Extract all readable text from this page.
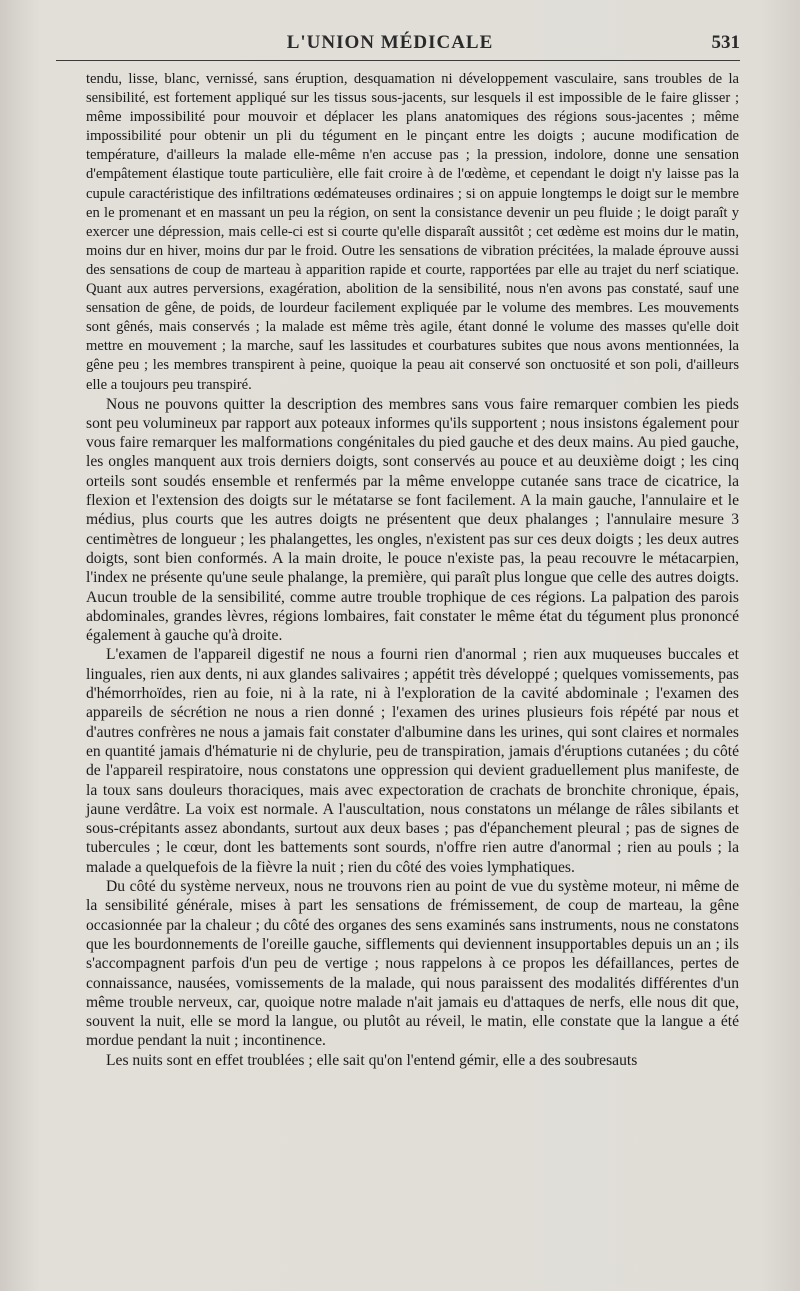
L'UNION MÉDICALE	531

tendu, lisse, blanc, vernissé, sans éruption, desquamation ni développement vasculaire, sans troubles de la sensibilité, est fortement appliqué sur les tissus sous-jacents, sur lesquels il est impossible de le faire glisser ; même impossibilité pour mouvoir et déplacer les plans anatomiques des régions sous-jacentes ; même impossibilité pour obtenir un pli du tégument en le pinçant entre les doigts ; aucune modification de température, d'ailleurs la malade elle-même n'en accuse pas ; la pression, indolore, donne une sensation d'empâtement élastique toute particulière, elle fait croire à de l'œdème, et cependant le doigt n'y laisse pas la cupule caractéristique des infiltrations œdémateuses ordinaires ; si on appuie longtemps le doigt sur le membre en le promenant et en massant un peu la région, on sent la consistance devenir un peu fluide ; le doigt paraît y exercer une dépression, mais celle-ci est si courte qu'elle disparaît aussitôt ; cet œdème est moins dur le matin, moins dur en hiver, moins dur par le froid. Outre les sensations de vibration précitées, la malade éprouve aussi des sensations de coup de marteau à apparition rapide et courte, rapportées par elle au trajet du nerf sciatique. Quant aux autres perversions, exagération, abolition de la sensibilité, nous n'en avons pas constaté, sauf une sensation de gêne, de poids, de lourdeur facilement expliquée par le volume des membres. Les mouvements sont gênés, mais conservés ; la malade est même très agile, étant donné le volume des masses qu'elle doit mettre en mouvement ; la marche, sauf les lassitudes et courbatures subites que nous avons mentionnées, la gêne peu ; les membres transpirent à peine, quoique la peau ait conservé son onctuosité et son poli, d'ailleurs elle a toujours peu transpiré.

Nous ne pouvons quitter la description des membres sans vous faire remarquer combien les pieds sont peu volumineux par rapport aux poteaux informes qu'ils supportent ; nous insistons également pour vous faire remarquer les malformations congénitales du pied gauche et des deux mains. Au pied gauche, les ongles manquent aux trois derniers doigts, sont conservés au pouce et au deuxième doigt ; les cinq orteils sont soudés ensemble et renfermés par la même enveloppe cutanée sans trace de cicatrice, la flexion et l'extension des doigts sur le métatarse se font facilement. A la main gauche, l'annulaire et le médius, plus courts que les autres doigts ne présentent que deux phalanges ; l'annulaire mesure 3 centimètres de longueur ; les phalangettes, les ongles, n'existent pas sur ces deux doigts ; les deux autres doigts, sont bien conformés. A la main droite, le pouce n'existe pas, la peau recouvre le métacarpien, l'index ne présente qu'une seule phalange, la première, qui paraît plus longue que celle des autres doigts. Aucun trouble de la sensibilité, comme autre trouble trophique de ces régions. La palpation des parois abdominales, grandes lèvres, régions lombaires, fait constater le même état du tégument plus prononcé également à gauche qu'à droite.

L'examen de l'appareil digestif ne nous a fourni rien d'anormal ; rien aux muqueuses buccales et linguales, rien aux dents, ni aux glandes salivaires ; appétit très développé ; quelques vomissements, pas d'hémorrhoïdes, rien au foie, ni à la rate, ni à l'exploration de la cavité abdominale ; l'examen des appareils de sécrétion ne nous a rien donné ; l'examen des urines plusieurs fois répété par nous et d'autres confrères ne nous a jamais fait constater d'albumine dans les urines, qui sont claires et normales en quantité jamais d'hématurie ni de chylurie, peu de transpiration, jamais d'éruptions cutanées ; du côté de l'appareil respiratoire, nous constatons une oppression qui devient graduellement plus manifeste, de la toux sans douleurs thoraciques, mais avec expectoration de crachats de bronchite chronique, épais, jaune verdâtre. La voix est normale. A l'auscultation, nous constatons un mélange de râles sibilants et sous-crépitants assez abondants, surtout aux deux bases ; pas d'épanchement pleural ; pas de signes de tubercules ; le cœur, dont les battements sont sourds, n'offre rien autre d'anormal ; rien au pouls ; la malade a quelquefois de la fièvre la nuit ; rien du côté des voies lymphatiques.

Du côté du système nerveux, nous ne trouvons rien au point de vue du système moteur, ni même de la sensibilité générale, mises à part les sensations de frémissement, de coup de marteau, la gêne occasionnée par la chaleur ; du côté des organes des sens examinés sans instruments, nous ne constatons que les bourdonnements de l'oreille gauche, sifflements qui deviennent insupportables depuis un an ; ils s'accompagnent parfois d'un peu de vertige ; nous rappelons à ce propos les défaillances, pertes de connaissance, nausées, vomissements de la malade, qui nous paraissent des modalités différentes d'un même trouble nerveux, car, quoique notre malade n'ait jamais eu d'attaques de nerfs, elle nous dit que, souvent la nuit, elle se mord la langue, ou plutôt au réveil, le matin, elle constate que la langue a été mordue pendant la nuit ; incontinence.

Les nuits sont en effet troublées ; elle sait qu'on l'entend gémir, elle a des soubresauts
